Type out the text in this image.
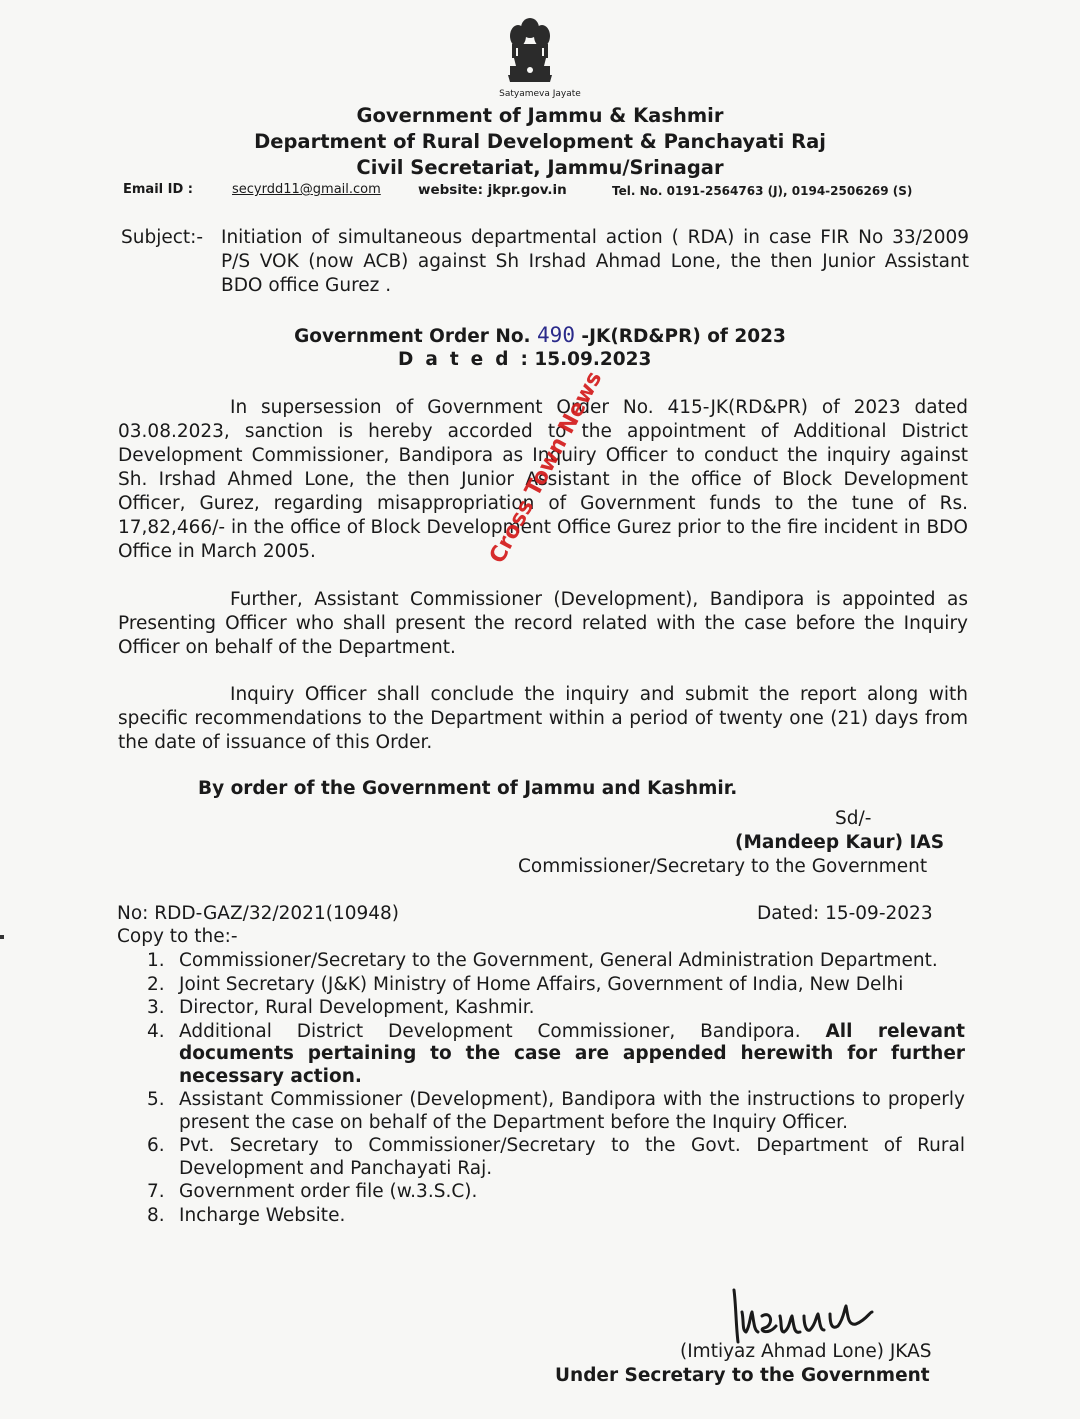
Satyameva Jayate
Government of Jammu & Kashmir
Department of Rural Development & Panchayati Raj
Civil Secretariat, Jammu/Srinagar
Email ID :	secyrdd11@gmail.com	website: jkpr.gov.in	Tel. No. 0191-2564763 (J), 0194-2506269 (S)
Subject:- Initiation of simultaneous departmental action ( RDA) in case FIR No 33/2009 P/S VOK (now ACB) against Sh Irshad Ahmad Lone, the then Junior Assistant BDO office Gurez .
Government Order No. 490 -JK(RD&PR) of 2023
Dated: 15.09.2023
In supersession of Government Order No. 415-JK(RD&PR) of 2023 dated 03.08.2023, sanction is hereby accorded to the appointment of Additional District Development Commissioner, Bandipora as Inquiry Officer to conduct the inquiry against Sh. Irshad Ahmed Lone, the then Junior Assistant in the office of Block Development Officer, Gurez, regarding misappropriation of Government funds to the tune of Rs. 17,82,466/- in the office of Block Development Office Gurez prior to the fire incident in BDO Office in March 2005.
Further, Assistant Commissioner (Development), Bandipora is appointed as Presenting Officer who shall present the record related with the case before the Inquiry Officer on behalf of the Department.
Inquiry Officer shall conclude the inquiry and submit the report along with specific recommendations to the Department within a period of twenty one (21) days from the date of issuance of this Order.
By order of the Government of Jammu and Kashmir.
Sd/-
(Mandeep Kaur) IAS
Commissioner/Secretary to the Government
No: RDD-GAZ/32/2021(10948)	Dated: 15-09-2023
Copy to the:-
1. Commissioner/Secretary to the Government, General Administration Department.
2. Joint Secretary (J&K) Ministry of Home Affairs, Government of India, New Delhi
3. Director, Rural Development, Kashmir.
4. Additional District Development Commissioner, Bandipora. All relevant documents pertaining to the case are appended herewith for further necessary action.
5. Assistant Commissioner (Development), Bandipora with the instructions to properly present the case on behalf of the Department before the Inquiry Officer.
6. Pvt. Secretary to Commissioner/Secretary to the Govt. Department of Rural Development and Panchayati Raj.
7. Government order file (w.3.S.C).
8. Incharge Website.
(Imtiyaz Ahmad Lone) JKAS
Under Secretary to the Government
Cross Town News
